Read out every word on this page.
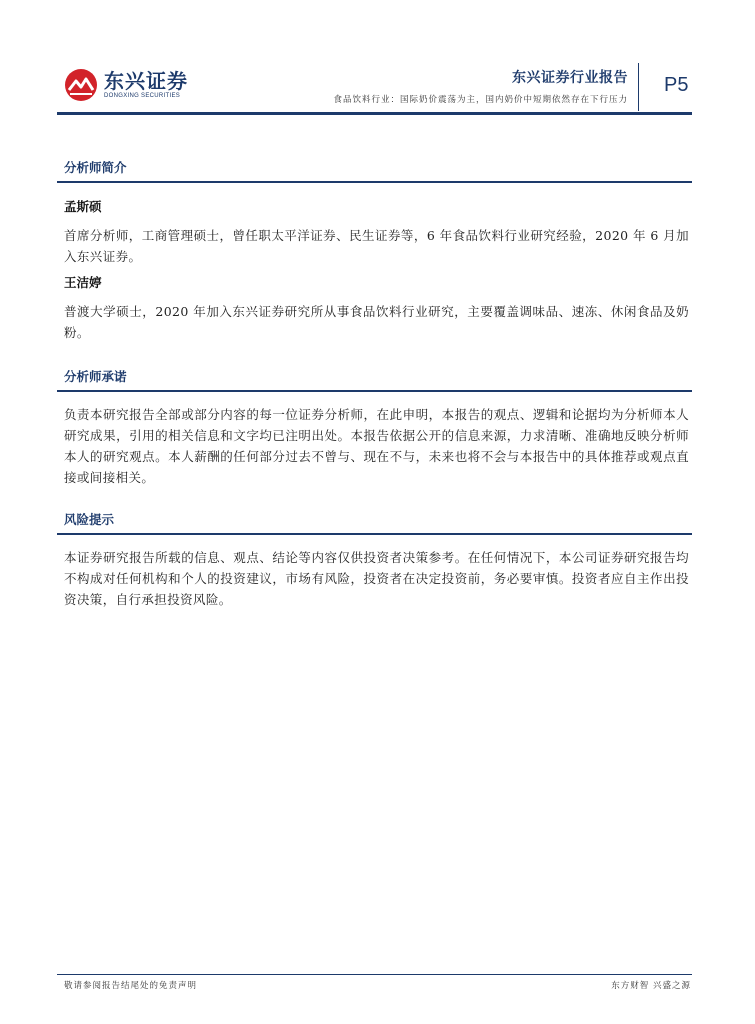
东兴证券
DONGXING SECURITIES
东兴证券行业报告
食品饮料行业：国际奶价震荡为主，国内奶价中短期依然存在下行压力
P5
分析师简介
孟斯硕
首席分析师，工商管理硕士，曾任职太平洋证券、民生证券等，6 年食品饮料行业研究经验，2020 年 6 月加入东兴证券。
王洁婷
普渡大学硕士，2020 年加入东兴证券研究所从事食品饮料行业研究，主要覆盖调味品、速冻、休闲食品及奶粉。
分析师承诺
负责本研究报告全部或部分内容的每一位证券分析师，在此申明，本报告的观点、逻辑和论据均为分析师本人研究成果，引用的相关信息和文字均已注明出处。本报告依据公开的信息来源，力求清晰、准确地反映分析师本人的研究观点。本人薪酬的任何部分过去不曾与、现在不与，未来也将不会与本报告中的具体推荐或观点直接或间接相关。
风险提示
本证券研究报告所载的信息、观点、结论等内容仅供投资者决策参考。在任何情况下，本公司证券研究报告均不构成对任何机构和个人的投资建议，市场有风险，投资者在决定投资前，务必要审慎。投资者应自主作出投资决策，自行承担投资风险。
敬请参阅报告结尾处的免责声明	东方财智 兴盛之源
